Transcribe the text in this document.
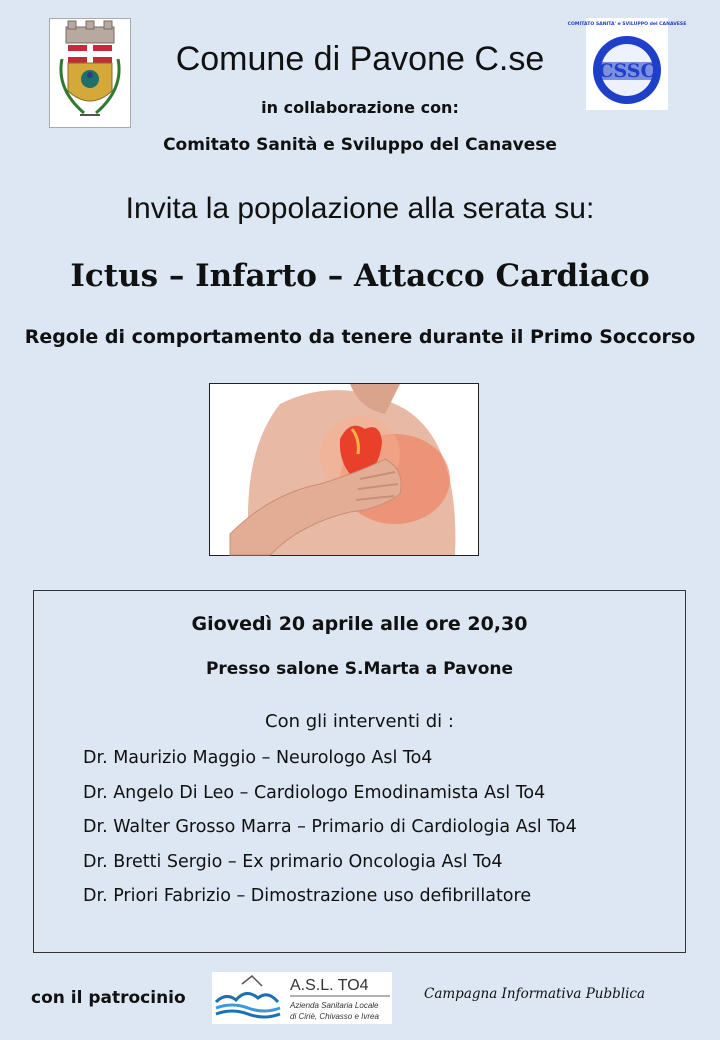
COMITATO SANITA' e SVILUPPO del CANAVESE
CSSC
Comune di Pavone C.se
in collaborazione con:
Comitato Sanità e Sviluppo del Canavese
Invita la popolazione alla serata su:
Ictus – Infarto – Attacco Cardiaco
Regole di comportamento da tenere durante il Primo Soccorso
Giovedì 20 aprile alle ore 20,30
Presso salone S.Marta a Pavone
Con gli interventi di :
Dr. Maurizio Maggio – Neurologo Asl To4
Dr. Angelo Di Leo – Cardiologo Emodinamista Asl To4
Dr. Walter Grosso Marra – Primario di Cardiologia Asl To4
Dr. Bretti Sergio – Ex primario Oncologia Asl To4
Dr. Priori Fabrizio – Dimostrazione uso defibrillatore
con il patrocinio
A.S.L. TO4
Azienda Sanitaria Locale
di Ciriè, Chivasso e Ivrea
Campagna Informativa Pubblica
